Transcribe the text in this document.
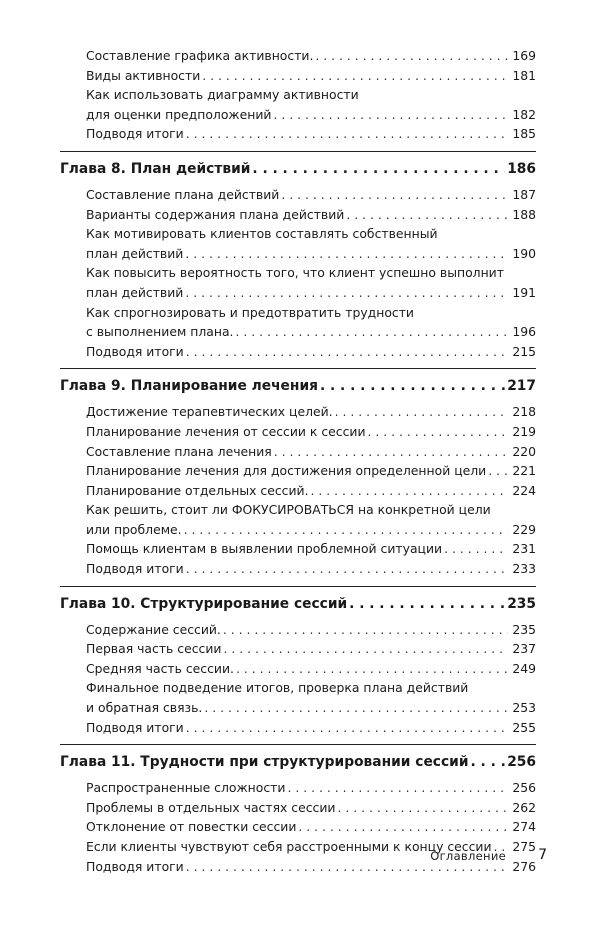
Составление графика активности. . . .	169
Виды активности . . .	181
Как использовать диаграмму активности
для оценки предположений . . .	182
Подводя итоги . . .	185
Глава 8. План действий . . .	186
Составление плана действий . . .	187
Варианты содержания плана действий . . .	188
Как мотивировать клиентов составлять собственный
план действий . . .	190
Как повысить вероятность того, что клиент успешно выполнит
план действий . . .	191
Как спрогнозировать и предотвратить трудности
с выполнением плана. . . .	196
Подводя итоги . . .	215
Глава 9. Планирование лечения . . .	217
Достижение терапевтических целей. . . .	218
Планирование лечения от сессии к сессии . . .	219
Составление плана лечения . . .	220
Планирование лечения для достижения определенной цели . . .	221
Планирование отдельных сессий. . . .	224
Как решить, стоит ли ФОКУСИРОВАТЬСЯ на конкретной цели
или проблеме. . . .	229
Помощь клиентам в выявлении проблемной ситуации . . .	231
Подводя итоги . . .	233
Глава 10. Структурирование сессий . . .	235
Содержание сессий. . . .	235
Первая часть сессии . . .	237
Средняя часть сессии. . . .	249
Финальное подведение итогов, проверка плана действий
и обратная связь. . . .	253
Подводя итоги . . .	255
Глава 11. Трудности при структурировании сессий . . .	256
Распространенные сложности . . .	256
Проблемы в отдельных частях сессии . . .	262
Отклонение от повестки сессии . . .	274
Если клиенты чувствуют себя расстроенными к концу сессии . . .	275
Подводя итоги . . .	276
Оглавление 7
